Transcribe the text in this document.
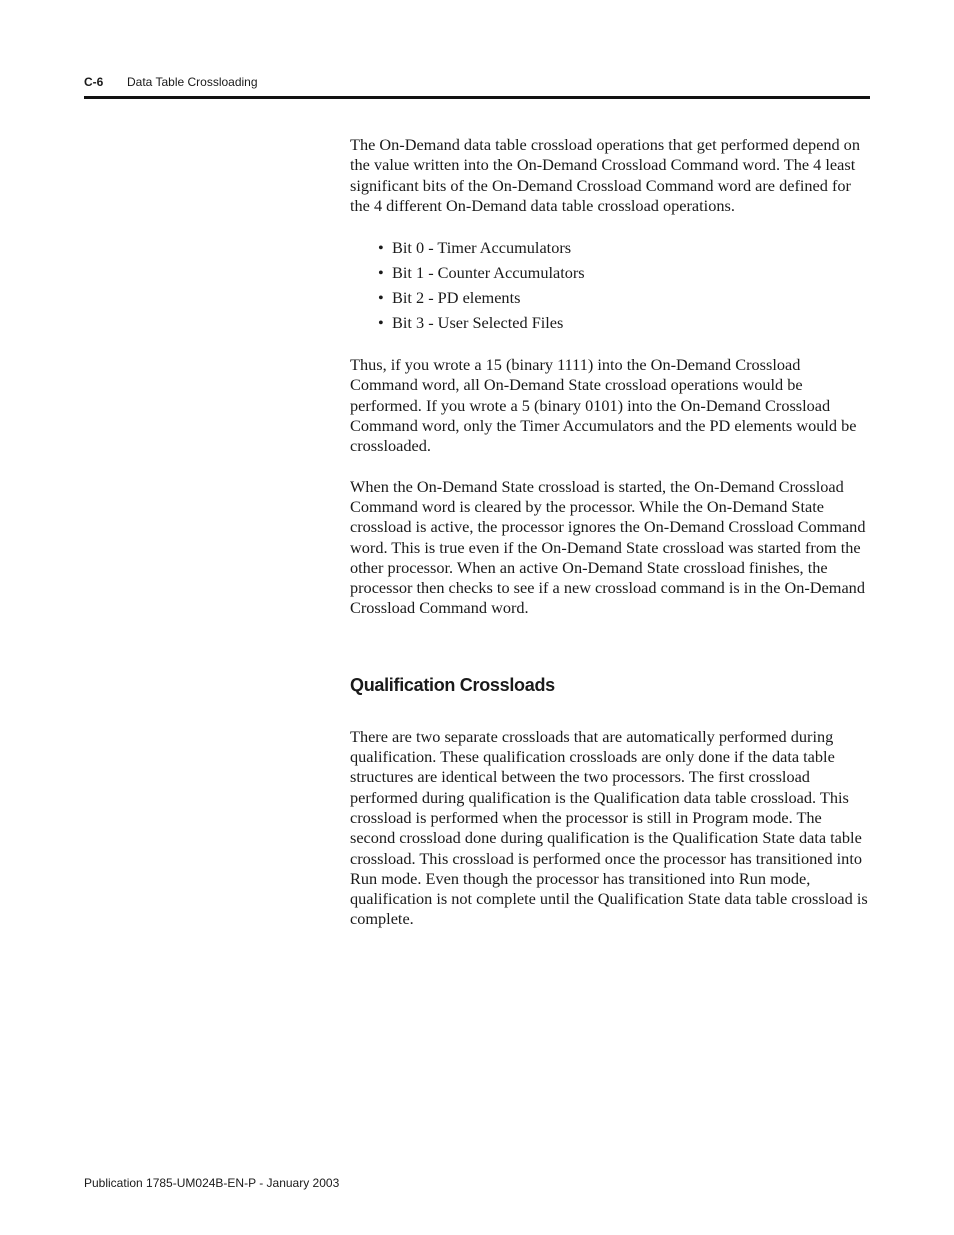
C-6 Data Table Crossloading

The On-Demand data table crossload operations that get performed depend on the value written into the On-Demand Crossload Command word. The 4 least significant bits of the On-Demand Crossload Command word are defined for the 4 different On-Demand data table crossload operations.

• Bit 0 - Timer Accumulators
• Bit 1 - Counter Accumulators
• Bit 2 - PD elements
• Bit 3 - User Selected Files

Thus, if you wrote a 15 (binary 1111) into the On-Demand Crossload Command word, all On-Demand State crossload operations would be performed. If you wrote a 5 (binary 0101) into the On-Demand Crossload Command word, only the Timer Accumulators and the PD elements would be crossloaded.

When the On-Demand State crossload is started, the On-Demand Crossload Command word is cleared by the processor. While the On-Demand State crossload is active, the processor ignores the On-Demand Crossload Command word. This is true even if the On-Demand State crossload was started from the other processor. When an active On-Demand State crossload finishes, the processor then checks to see if a new crossload command is in the On-Demand Crossload Command word.

Qualification Crossloads

There are two separate crossloads that are automatically performed during qualification. These qualification crossloads are only done if the data table structures are identical between the two processors. The first crossload performed during qualification is the Qualification data table crossload. This crossload is performed when the processor is still in Program mode. The second crossload done during qualification is the Qualification State data table crossload. This crossload is performed once the processor has transitioned into Run mode. Even though the processor has transitioned into Run mode, qualification is not complete until the Qualification State data table crossload is complete.

Publication 1785-UM024B-EN-P - January 2003
